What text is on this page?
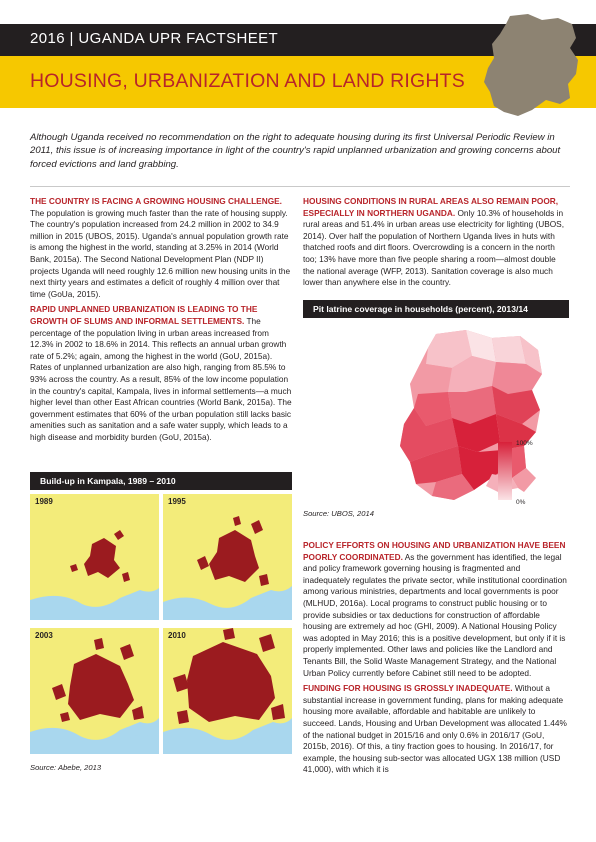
2016 | UGANDA UPR FACTSHEET
HOUSING, URBANIZATION AND LAND RIGHTS
Although Uganda received no recommendation on the right to adequate housing during its first Universal Periodic Review in 2011, this issue is of increasing importance in light of the country's rapid unplanned urbanization and growing concerns about forced evictions and land grabbing.

THE COUNTRY IS FACING A GROWING HOUSING CHALLENGE. The population is growing much faster than the rate of housing supply. The country's population increased from 24.2 million in 2002 to 34.9 million in 2015 (UBOS, 2015). Uganda's annual population growth rate is among the highest in the world, standing at 3.25% in 2014 (World Bank, 2015a). The Second National Development Plan (NDP II) projects Uganda will need roughly 12.6 million new housing units in the next thirty years and estimates a deficit of roughly 4 million over that time (GoUa, 2015).

RAPID UNPLANNED URBANIZATION IS LEADING TO THE GROWTH OF SLUMS AND INFORMAL SETTLEMENTS. The percentage of the population living in urban areas increased from 12.3% in 2002 to 18.6% in 2014. This reflects an annual urban growth rate of 5.2%; again, among the highest in the world (GoU, 2015a). Rates of unplanned urbanization are also high, ranging from 85.5% to 93% across the country. As a result, 85% of the low income population in the country's capital, Kampala, lives in informal settlements—a much higher level than other East African countries (World Bank, 2015a). The government estimates that 60% of the urban population still lacks basic amenities such as sanitation and a safe water supply, which leads to a high disease and morbidity burden (GoU, 2015a).

HOUSING CONDITIONS IN RURAL AREAS ALSO REMAIN POOR, ESPECIALLY IN NORTHERN UGANDA. Only 10.3% of households in rural areas and 51.4% in urban areas use electricity for lighting (UBOS, 2014). Over half the population of Northern Uganda lives in huts with thatched roofs and dirt floors. Overcrowding is a concern in the north too; 13% have more than five people sharing a room—almost double the national average (WFP, 2013). Sanitation coverage is also much lower than anywhere else in the country.

Build-up in Kampala, 1989 – 2010
1989	1995
2003	2010
Source: Abebe, 2013
Pit latrine coverage in households (percent), 2013/14
100%
0%
Source: UBOS, 2014

POLICY EFFORTS ON HOUSING AND URBANIZATION HAVE BEEN POORLY COORDINATED. As the government has identified, the legal and policy framework governing housing is fragmented and inadequately regulates the private sector, while institutional coordination among various ministries, departments and local governments is poor (MLHUD, 2016a). Local programs to construct public housing or to provide subsidies or tax deductions for construction of affordable housing are extremely ad hoc (GHI, 2009). A National Housing Policy was adopted in May 2016; this is a positive development, but only if it is properly implemented. Other laws and policies like the Landlord and Tenants Bill, the Solid Waste Management Strategy, and the National Urban Policy currently before Cabinet still need to be adopted.

FUNDING FOR HOUSING IS GROSSLY INADEQUATE. Without a substantial increase in government funding, plans for making adequate housing more available, affordable and habitable are unlikely to succeed. Lands, Housing and Urban Development was allocated 1.44% of the national budget in 2015/16 and only 0.6% in 2016/17 (GoU, 2015b, 2016). Of this, a tiny fraction goes to housing. In 2016/17, for example, the housing sub-sector was allocated UGX 138 million (USD 41,000), with which it is
